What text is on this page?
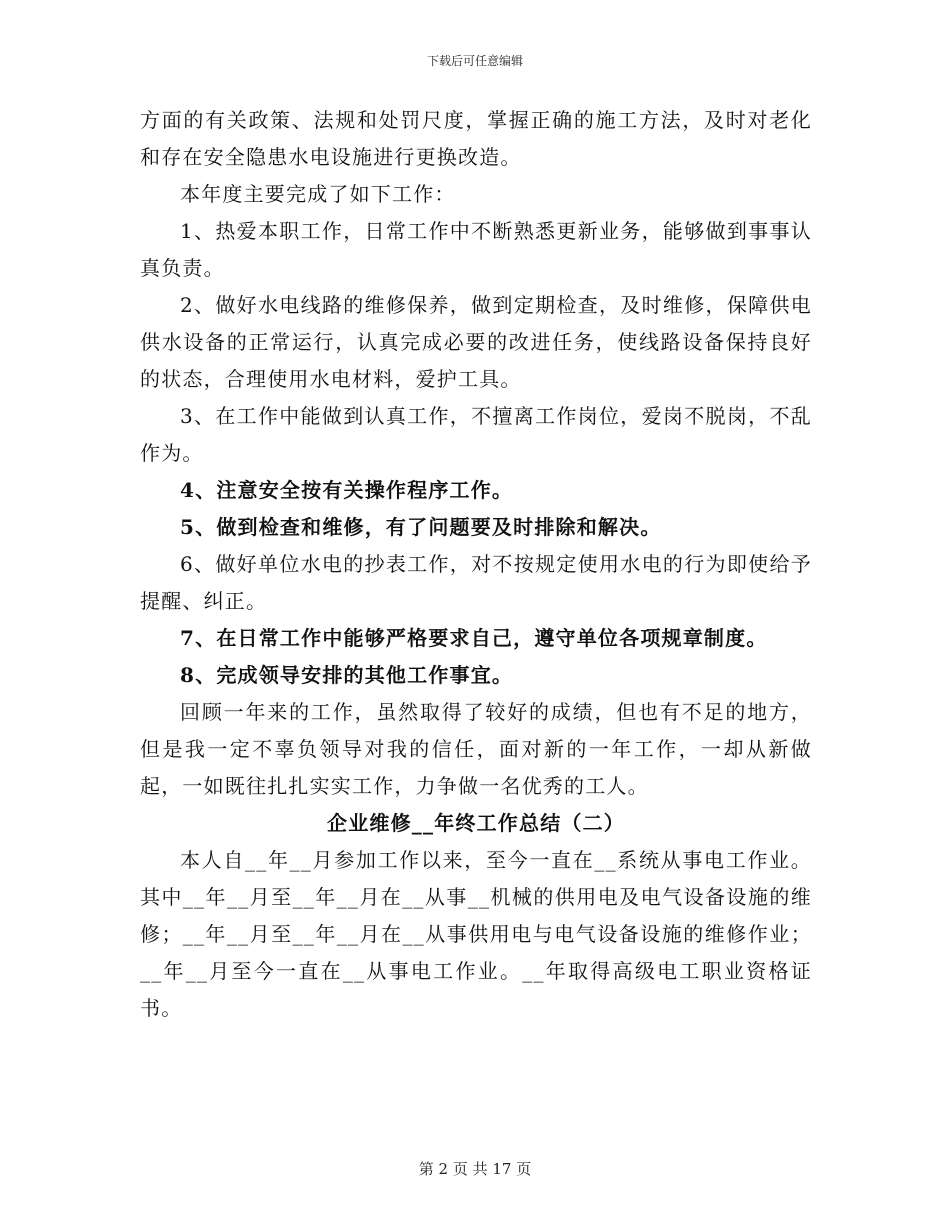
下载后可任意编辑

方面的有关政策、法规和处罚尺度，掌握正确的施工方法，及时对老化和存在安全隐患水电设施进行更换改造。

本年度主要完成了如下工作：

1、热爱本职工作，日常工作中不断熟悉更新业务，能够做到事事认真负责。

2、做好水电线路的维修保养，做到定期检查，及时维修，保障供电供水设备的正常运行，认真完成必要的改进任务，使线路设备保持良好的状态，合理使用水电材料，爱护工具。

3、在工作中能做到认真工作，不擅离工作岗位，爱岗不脱岗，不乱作为。

4、注意安全按有关操作程序工作。

5、做到检查和维修，有了问题要及时排除和解决。

6、做好单位水电的抄表工作，对不按规定使用水电的行为即使给予提醒、纠正。

7、在日常工作中能够严格要求自己，遵守单位各项规章制度。

8、完成领导安排的其他工作事宜。

回顾一年来的工作，虽然取得了较好的成绩，但也有不足的地方，但是我一定不辜负领导对我的信任，面对新的一年工作，一却从新做起，一如既往扎扎实实工作，力争做一名优秀的工人。

企业维修__年终工作总结（二）

本人自__年__月参加工作以来，至今一直在__系统从事电工作业。其中__年__月至__年__月在__从事__机械的供用电及电气设备设施的维修；__年__月至__年__月在__从事供用电与电气设备设施的维修作业；__年__月至今一直在__从事电工作业。__年取得高级电工职业资格证书。

第 2 页 共 17 页
